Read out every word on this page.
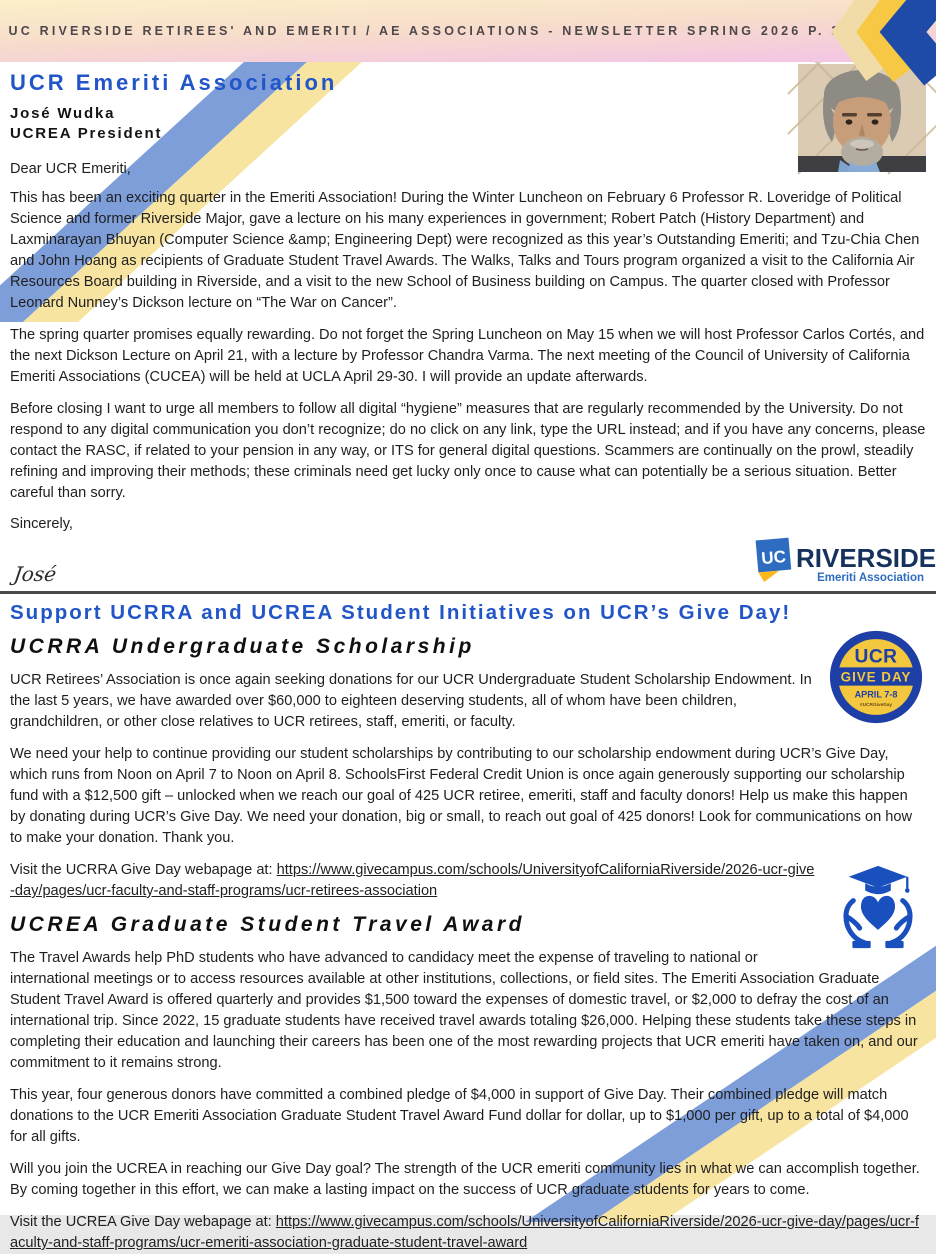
UC RIVERSIDE RETIREES' AND EMERITI / AE ASSOCIATIONS - NEWSLETTER SPRING 2026 P. 3
UCR Emeriti Association
José Wudka
UCREA President

Dear UCR Emeriti,

This has been an exciting quarter in the Emeriti Association! During the Winter Luncheon on February 6 Professor R. Loveridge of Political Science and former Riverside Major, gave a lecture on his many experiences in government; Robert Patch (History Department) and Laxminarayan Bhuyan (Computer Science &amp; Engineering Dept) were recognized as this year’s Outstanding Emeriti; and Tzu-Chia Chen and John Hoang as recipients of Graduate Student Travel Awards. The Walks, Talks and Tours program organized a visit to the California Air Resources Board building in Riverside, and a visit to the new School of Business building on Campus. The quarter closed with Professor Leonard Nunney’s Dickson lecture on “The War on Cancer”.

The spring quarter promises equally rewarding. Do not forget the Spring Luncheon on May 15 when we will host Professor Carlos Cortés, and the next Dickson Lecture on April 21, with a lecture by Professor Chandra Varma. The next meeting of the Council of University of California Emeriti Associations (CUCEA) will be held at UCLA April 29-30. I will provide an update afterwards.

Before closing I want to urge all members to follow all digital “hygiene” measures that are regularly recommended by the University. Do not respond to any digital communication you don’t recognize; do no click on any link, type the URL instead; and if you have any concerns, please contact the RASC, if related to your pension in any way, or ITS for general digital questions. Scammers are continually on the prowl, steadily refining and improving their methods; these criminals need get lucky only once to cause what can potentially be a serious situation. Better careful than sorry.

Sincerely,

José
UC RIVERSIDE
Emeriti Association
Support UCRRA and UCREA Student Initiatives on UCR’s Give Day!
UCR
GIVE DAY
APRIL 7-8
#UCRGiveDay
UCRRA Undergraduate Scholarship

UCR Retirees’ Association is once again seeking donations for our UCR Undergraduate Student Scholarship Endowment. In the last 5 years, we have awarded over $60,000 to eighteen deserving students, all of whom have been children, grandchildren, or other close relatives to UCR retirees, staff, emeriti, or faculty.

We need your help to continue providing our student scholarships by contributing to our scholarship endowment during UCR’s Give Day, which runs from Noon on April 7 to Noon on April 8. SchoolsFirst Federal Credit Union is once again generously supporting our scholarship fund with a $12,500 gift – unlocked when we reach our goal of 425 UCR retiree, emeriti, staff and faculty donors! Help us make this happen by donating during UCR’s Give Day. We need your donation, big or small, to reach out goal of 425 donors! Look for communications on how to make your donation. Thank you.

Visit the UCRRA Give Day webapage at: https://www.givecampus.com/schools/UniversityofCaliforniaRiverside/2026-ucr-give-day/pages/ucr-faculty-and-staff-programs/ucr-retirees-association

UCREA Graduate Student Travel Award

The Travel Awards help PhD students who have advanced to candidacy meet the expense of traveling to national or international meetings or to access resources available at other institutions, collections, or field sites. The Emeriti Association Graduate Student Travel Award is offered quarterly and provides $1,500 toward the expenses of domestic travel, or $2,000 to defray the cost of an international trip. Since 2022, 15 graduate students have received travel awards totaling $26,000. Helping these students take these steps in completing their education and launching their careers has been one of the most rewarding projects that UCR emeriti have taken on, and our commitment to it remains strong.

This year, four generous donors have committed a combined pledge of $4,000 in support of Give Day. Their combined pledge will match donations to the UCR Emeriti Association Graduate Student Travel Award Fund dollar for dollar, up to $1,000 per gift, up to a total of $4,000 for all gifts.

Will you join the UCREA in reaching our Give Day goal? The strength of the UCR emeriti community lies in what we can accomplish together. By coming together in this effort, we can make a lasting impact on the success of UCR graduate students for years to come.

Visit the UCREA Give Day webapage at: https://www.givecampus.com/schools/UniversityofCaliforniaRiverside/2026-ucr-give-day/pages/ucr-faculty-and-staff-programs/ucr-emeriti-association-graduate-student-travel-award
